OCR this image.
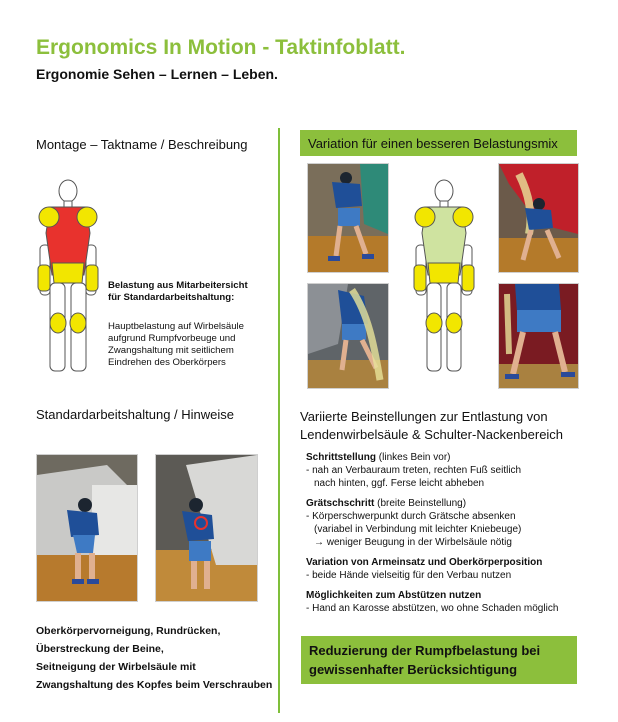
Ergonomics In Motion - Taktinfoblatt.
Ergonomie Sehen – Lernen – Leben.
Montage – Taktname / Beschreibung
Belastung aus Mitarbeitersicht
für Standardarbeitshaltung:
Hauptbelastung auf Wirbelsäule
aufgrund Rumpfvorbeuge und
Zwangshaltung mit seitlichem
Eindrehen des Oberkörpers
Standardarbeitshaltung / Hinweise
Oberkörpervorneigung, Rundrücken,
Überstreckung der Beine,
Seitneigung der Wirbelsäule mit
Zwangshaltung des Kopfes beim Verschrauben
Variation für einen besseren Belastungsmix
Variierte Beinstellungen zur Entlastung von
Lendenwirbelsäule & Schulter-Nackenbereich
Schrittstellung (linkes Bein vor)
- nah an Verbauraum treten, rechten Fuß seitlich
nach hinten, ggf. Ferse leicht abheben
Grätschschritt (breite Beinstellung)
- Körperschwerpunkt durch Grätsche absenken
(variabel in Verbindung mit leichter Kniebeuge)
→ weniger Beugung in der Wirbelsäule nötig
Variation von Armeinsatz und Oberkörperposition
- beide Hände vielseitig für den Verbau nutzen
Möglichkeiten zum Abstützen nutzen
- Hand an Karosse abstützen, wo ohne Schaden möglich
Reduzierung der Rumpfbelastung bei
gewissenhafter Berücksichtigung
